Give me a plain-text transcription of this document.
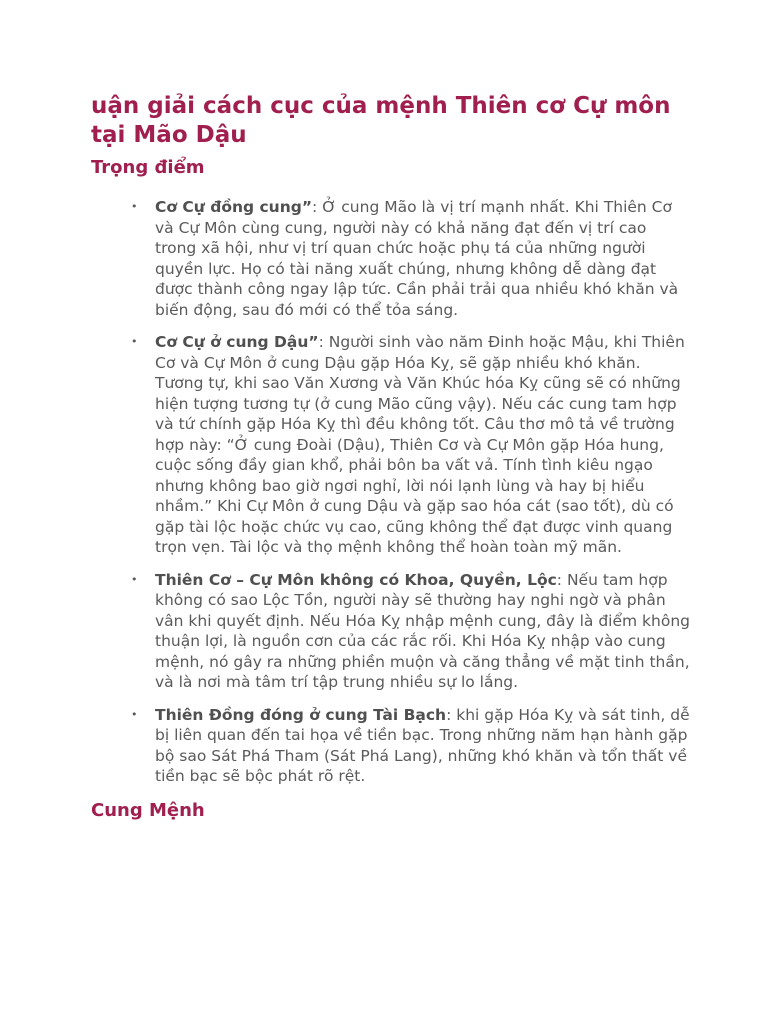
uận giải cách cục của mệnh Thiên cơ Cự môn tại Mão Dậu
Trọng điểm
• Cơ Cự đồng cung”: Ở cung Mão là vị trí mạnh nhất. Khi Thiên Cơ và Cự Môn cùng cung, người này có khả năng đạt đến vị trí cao trong xã hội, như vị trí quan chức hoặc phụ tá của những người quyền lực. Họ có tài năng xuất chúng, nhưng không dễ dàng đạt được thành công ngay lập tức. Cần phải trải qua nhiều khó khăn và biến động, sau đó mới có thể tỏa sáng.
• Cơ Cự ở cung Dậu”: Người sinh vào năm Đinh hoặc Mậu, khi Thiên Cơ và Cự Môn ở cung Dậu gặp Hóa Kỵ, sẽ gặp nhiều khó khăn. Tương tự, khi sao Văn Xương và Văn Khúc hóa Kỵ cũng sẽ có những hiện tượng tương tự (ở cung Mão cũng vậy). Nếu các cung tam hợp và tứ chính gặp Hóa Kỵ thì đều không tốt. Câu thơ mô tả về trường hợp này: “Ở cung Đoài (Dậu), Thiên Cơ và Cự Môn gặp Hóa hung, cuộc sống đầy gian khổ, phải bôn ba vất vả. Tính tình kiêu ngạo nhưng không bao giờ ngơi nghỉ, lời nói lạnh lùng và hay bị hiểu nhầm.” Khi Cự Môn ở cung Dậu và gặp sao hóa cát (sao tốt), dù có gặp tài lộc hoặc chức vụ cao, cũng không thể đạt được vinh quang trọn vẹn. Tài lộc và thọ mệnh không thể hoàn toàn mỹ mãn.
• Thiên Cơ – Cự Môn không có Khoa, Quyền, Lộc: Nếu tam hợp không có sao Lộc Tồn, người này sẽ thường hay nghi ngờ và phân vân khi quyết định. Nếu Hóa Kỵ nhập mệnh cung, đây là điểm không thuận lợi, là nguồn cơn của các rắc rối. Khi Hóa Kỵ nhập vào cung mệnh, nó gây ra những phiền muộn và căng thẳng về mặt tinh thần, và là nơi mà tâm trí tập trung nhiều sự lo lắng.
• Thiên Đồng đóng ở cung Tài Bạch: khi gặp Hóa Kỵ và sát tinh, dễ bị liên quan đến tai họa về tiền bạc. Trong những năm hạn hành gặp bộ sao Sát Phá Tham (Sát Phá Lang), những khó khăn và tổn thất về tiền bạc sẽ bộc phát rõ rệt.
Cung Mệnh
